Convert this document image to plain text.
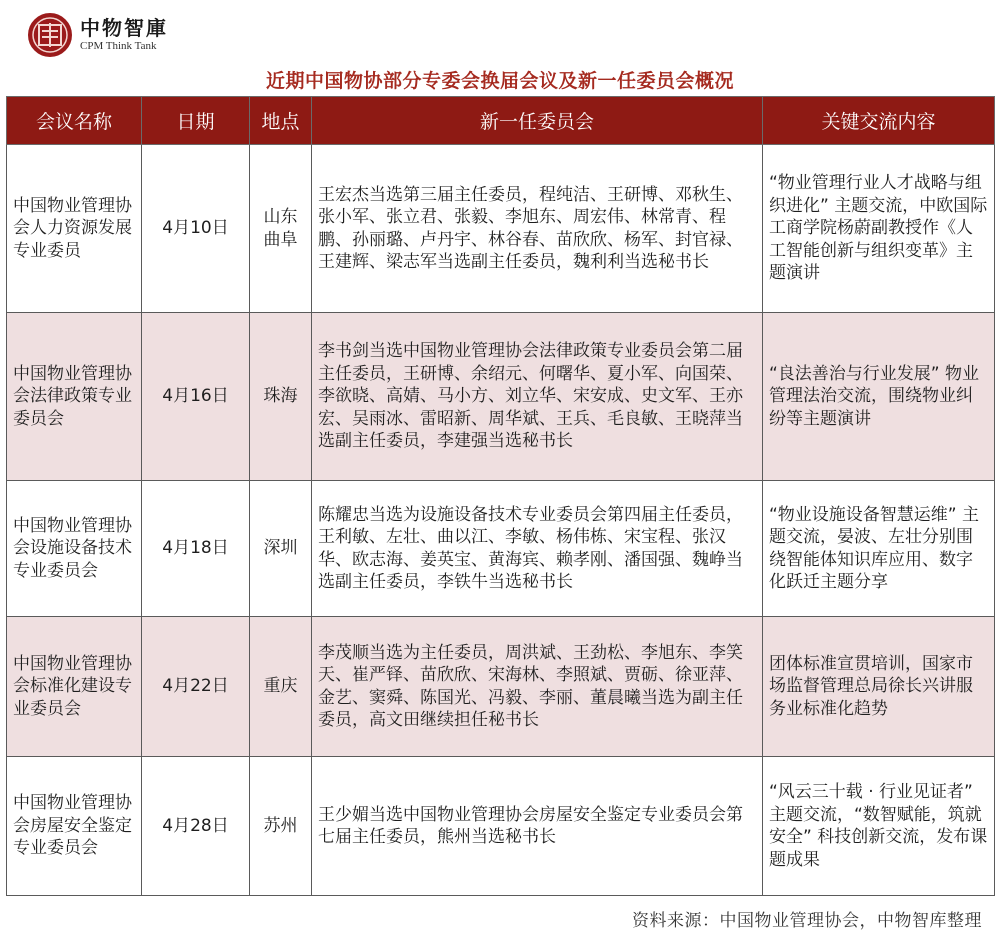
中物智庫
CPM Think Tank
近期中国物协部分专委会换届会议及新一任委员会概况
会议名称	日期	地点	新一任委员会	关键交流内容
中国物业管理协会人力资源发展专业委员	4月10日	山东曲阜	王宏杰当选第三届主任委员，程纯洁、王研博、邓秋生、张小军、张立君、张毅、李旭东、周宏伟、林常青、程鹏、孙丽璐、卢丹宇、林谷春、苗欣欣、杨军、封官禄、王建辉、梁志军当选副主任委员，魏利利当选秘书长	“物业管理行业人才战略与组织进化” 主题交流，中欧国际工商学院杨蔚副教授作《人工智能创新与组织变革》主题演讲
中国物业管理协会法律政策专业委员会	4月16日	珠海	李书剑当选中国物业管理协会法律政策专业委员会第二届主任委员，王研博、余绍元、何曙华、夏小军、向国荣、李欲晓、高婧、马小方、刘立华、宋安成、史文军、王亦宏、吴雨冰、雷昭新、周华斌、王兵、毛良敏、王晓萍当选副主任委员，李建强当选秘书长	“良法善治与行业发展” 物业管理法治交流，围绕物业纠纷等主题演讲
中国物业管理协会设施设备技术专业委员会	4月18日	深圳	陈耀忠当选为设施设备技术专业委员会第四届主任委员，王利敏、左壮、曲以江、李敏、杨伟栋、宋宝程、张汉华、欧志海、姜英宝、黄海宾、赖孝刚、潘国强、魏峥当选副主任委员，李铁牛当选秘书长	“物业设施设备智慧运维” 主题交流，晏波、左壮分别围绕智能体知识库应用、数字化跃迁主题分享
中国物业管理协会标准化建设专业委员会	4月22日	重庆	李茂顺当选为主任委员，周洪斌、王劲松、李旭东、李笑天、崔严铎、苗欣欣、宋海林、李照斌、贾砺、徐亚萍、金艺、窦舜、陈国光、冯毅、李丽、董晨曦当选为副主任委员，高文田继续担任秘书长	团体标准宣贯培训，国家市场监督管理总局徐长兴讲服务业标准化趋势
中国物业管理协会房屋安全鉴定专业委员会	4月28日	苏州	王少媚当选中国物业管理协会房屋安全鉴定专业委员会第七届主任委员，熊州当选秘书长	“风云三十载 · 行业见证者” 主题交流，“数智赋能，筑就安全” 科技创新交流，发布课题成果
资料来源：中国物业管理协会，中物智库整理
